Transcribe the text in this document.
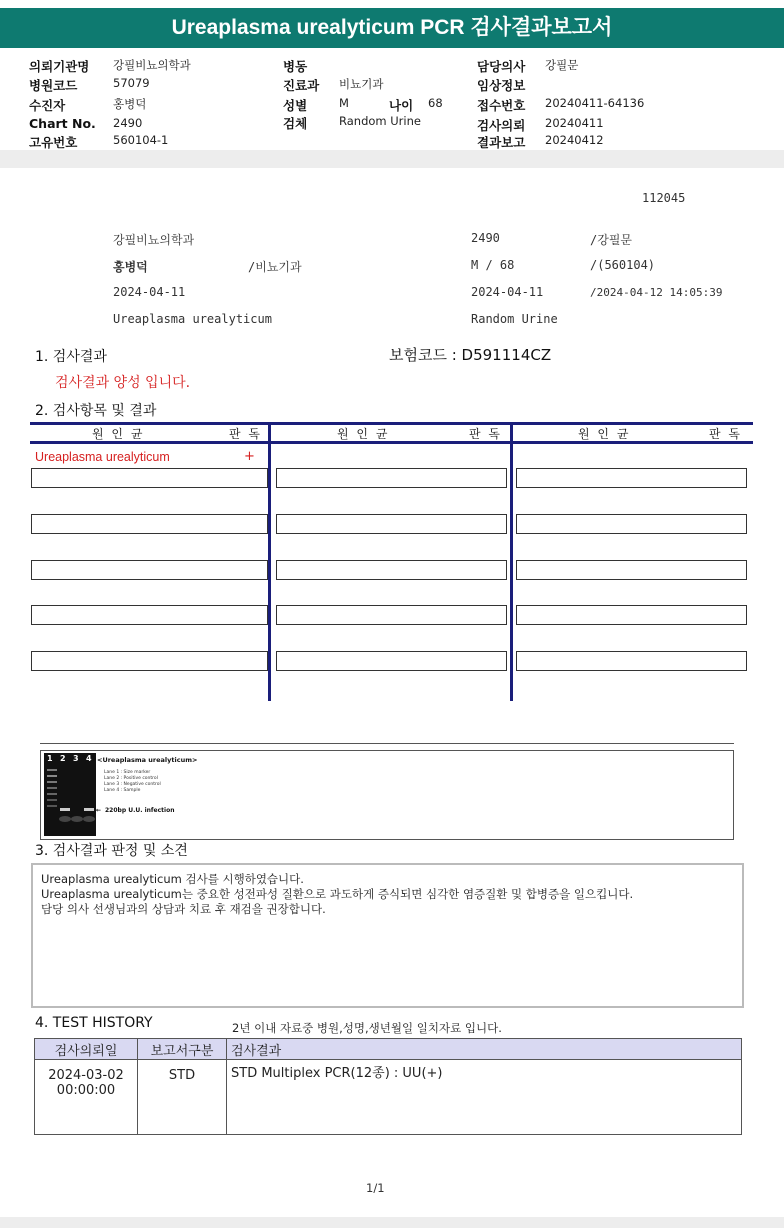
Ureaplasma urealyticum PCR 검사결과보고서
의뢰기관명 강필비뇨의학과
병원코드	57079
수진자	홍병덕
Chart No. 2490
고유번호	560104-1
병동
진료과 비뇨기과
성별	M	나이 68
검체	Random Urine
담당의사 강필문
임상정보
접수번호 20240411-64136
검사의뢰 20240411
결과보고 20240412
112045
강필비뇨의학과	2490	/강필문
홍병덕	/비뇨기과	M / 68	/(560104)
2024-04-11	2024-04-11	/2024-04-12 14:05:39
Ureaplasma urealyticum	Random Urine
1. 검사결과	보험코드 : D591114CZ
검사결과 양성 입니다.
2. 검사항목 및 결과
원 인 균	판 독	원 인 균	판 독	원 인 균	판 독
Ureaplasma urealyticum	+
1 2 3 4 <Ureaplasma urealyticum>
Lane 1 : Size marker
Lane 2 : Positive control
Lane 3 : Negative control
Lane 4 : Sample
← 220bp U.U. infection
3. 검사결과 판정 및 소견
Ureaplasma urealyticum 검사를 시행하였습니다.
Ureaplasma urealyticum는 중요한 성전파성 질환으로 과도하게 증식되면 심각한 염증질환 및 합병증을 일으킵니다.
담당 의사 선생님과의 상담과 치료 후 재검을 권장합니다.
4. TEST HISTORY	2년 이내 자료중 병원,성명,생년월일 일치자료 입니다.
검사의뢰일	보고서구분	검사결과

2024-03-02
00:00:00	STD	STD Multiplex PCR(12종) : UU(+)
1/1
